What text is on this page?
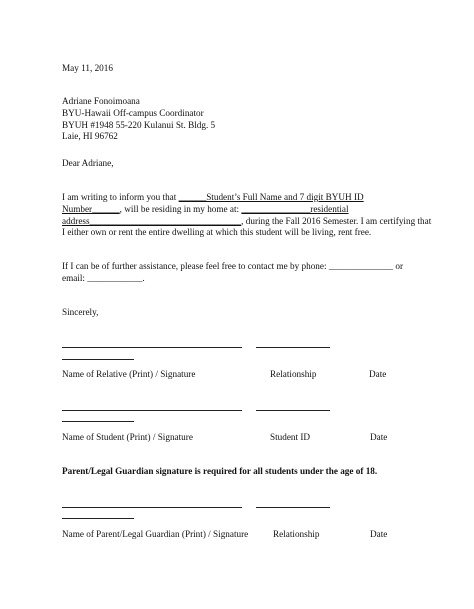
May 11, 2016
Adriane Fonoimoana
BYU-Hawaii Off-campus Coordinator
BYUH #1948 55-220 Kulanui St. Bldg. 5
Laie, HI 96762
Dear Adriane,
I am writing to inform you that ______Student’s Full Name and 7 digit BYUH ID
Number______, will be residing in my home at: _______________residential
address_________________________________, during the Fall 2016 Semester. I am certifying that
I either own or rent the entire dwelling at which this student will be living, rent free.
If I can be of further assistance, please feel free to contact me by phone: ______________ or
email: ____________.
Sincerely,
Name of Relative (Print) / Signature	Relationship	Date
Name of Student (Print) / Signature	Student ID	Date
Parent/Legal Guardian signature is required for all students under the age of 18.
Name of Parent/Legal Guardian (Print) / Signature	Relationship	Date
